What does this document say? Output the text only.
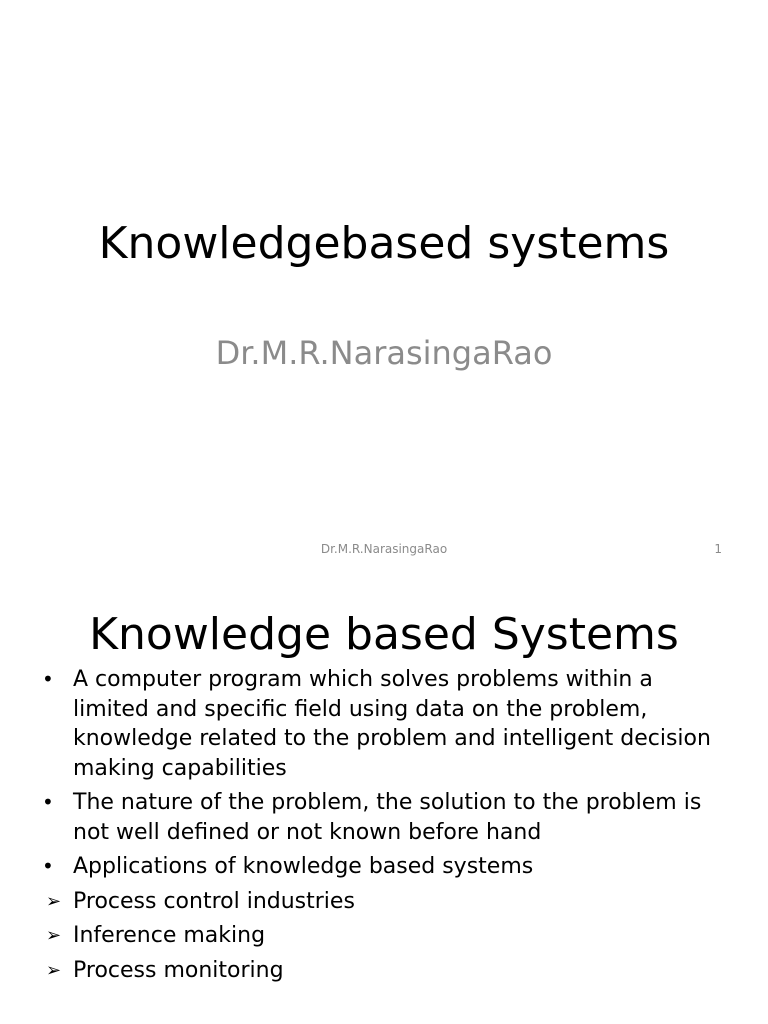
Knowledgebased systems
Dr.M.R.NarasingaRao
Dr.M.R.NarasingaRao	1
Knowledge based Systems
• A computer program which solves problems within a limited and specific field using data on the problem, knowledge related to the problem and intelligent decision making capabilities
• The nature of the problem, the solution to the problem is not well defined or not known before hand
• Applications of knowledge based systems
➢ Process control industries
➢ Inference making
➢ Process monitoring
